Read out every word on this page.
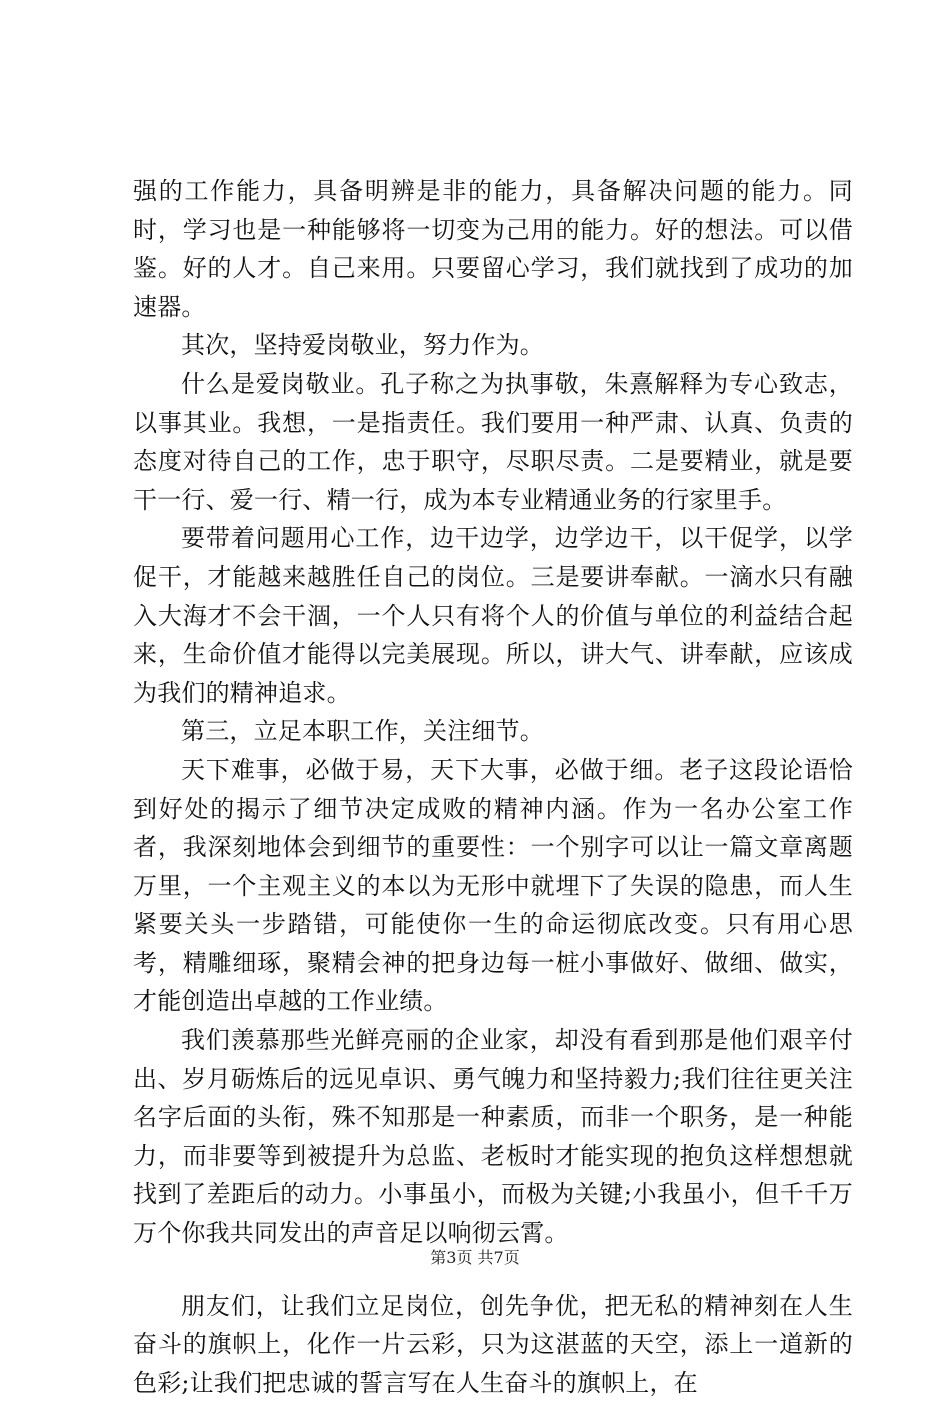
强的工作能力，具备明辨是非的能力，具备解决问题的能力。同时，学习也是一种能够将一切变为己用的能力。好的想法。可以借鉴。好的人才。自己来用。只要留心学习，我们就找到了成功的加速器。

其次，坚持爱岗敬业，努力作为。

什么是爱岗敬业。孔子称之为执事敬，朱熹解释为专心致志，以事其业。我想，一是指责任。我们要用一种严肃、认真、负责的态度对待自己的工作，忠于职守，尽职尽责。二是要精业，就是要干一行、爱一行、精一行，成为本专业精通业务的行家里手。

要带着问题用心工作，边干边学，边学边干，以干促学，以学促干，才能越来越胜任自己的岗位。三是要讲奉献。一滴水只有融入大海才不会干涸，一个人只有将个人的价值与单位的利益结合起来，生命价值才能得以完美展现。所以，讲大气、讲奉献，应该成为我们的精神追求。

第三，立足本职工作，关注细节。

天下难事，必做于易，天下大事，必做于细。老子这段论语恰到好处的揭示了细节决定成败的精神内涵。作为一名办公室工作者，我深刻地体会到细节的重要性：一个别字可以让一篇文章离题万里，一个主观主义的本以为无形中就埋下了失误的隐患，而人生紧要关头一步踏错，可能使你一生的命运彻底改变。只有用心思考，精雕细琢，聚精会神的把身边每一桩小事做好、做细、做实，才能创造出卓越的工作业绩。

我们羡慕那些光鲜亮丽的企业家，却没有看到那是他们艰辛付出、岁月砺炼后的远见卓识、勇气魄力和坚持毅力;我们往往更关注名字后面的头衔，殊不知那是一种素质，而非一个职务，是一种能力，而非要等到被提升为总监、老板时才能实现的抱负这样想想就找到了差距后的动力。小事虽小，而极为关键;小我虽小，但千千万万个你我共同发出的声音足以响彻云霄。

朋友们，让我们立足岗位，创先争优，把无私的精神刻在人生奋斗的旗帜上，化作一片云彩，只为这湛蓝的天空，添上一道新的色彩;让我们把忠诚的誓言写在人生奋斗的旗帜上，在

第3页 共7页
